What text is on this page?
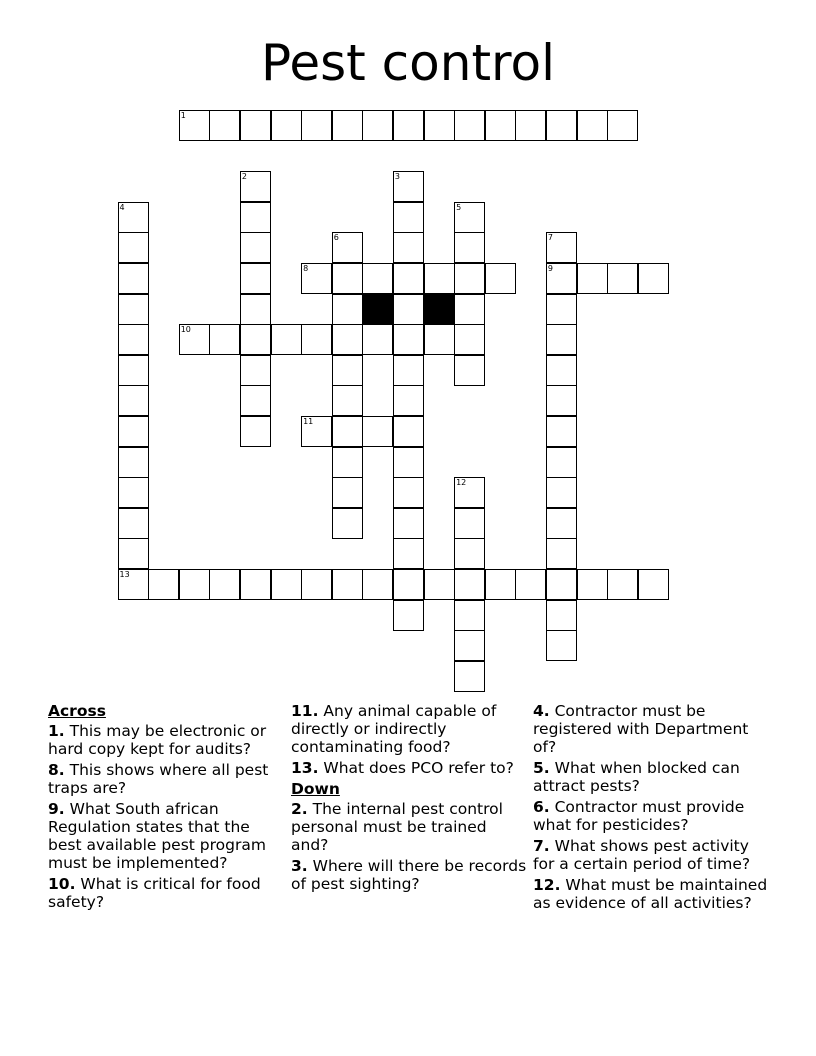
Pest control
1
2	3
4	5
6	7
9
8
10
11
12
13
Across
1. This may be electronic or hard copy kept for audits?
8. This shows where all pest traps are?
9. What South african Regulation states that the best available pest program must be implemented?
10. What is critical for food safety?
11. Any animal capable of directly or indirectly contaminating food?
13. What does PCO refer to?
Down
2. The internal pest control personal must be trained and?
3. Where will there be records of pest sighting?
4. Contractor must be registered with Department of?
5. What when blocked can attract pests?
6. Contractor must provide what for pesticides?
7. What shows pest activity for a certain period of time?
12. What must be maintained as evidence of all activities?
